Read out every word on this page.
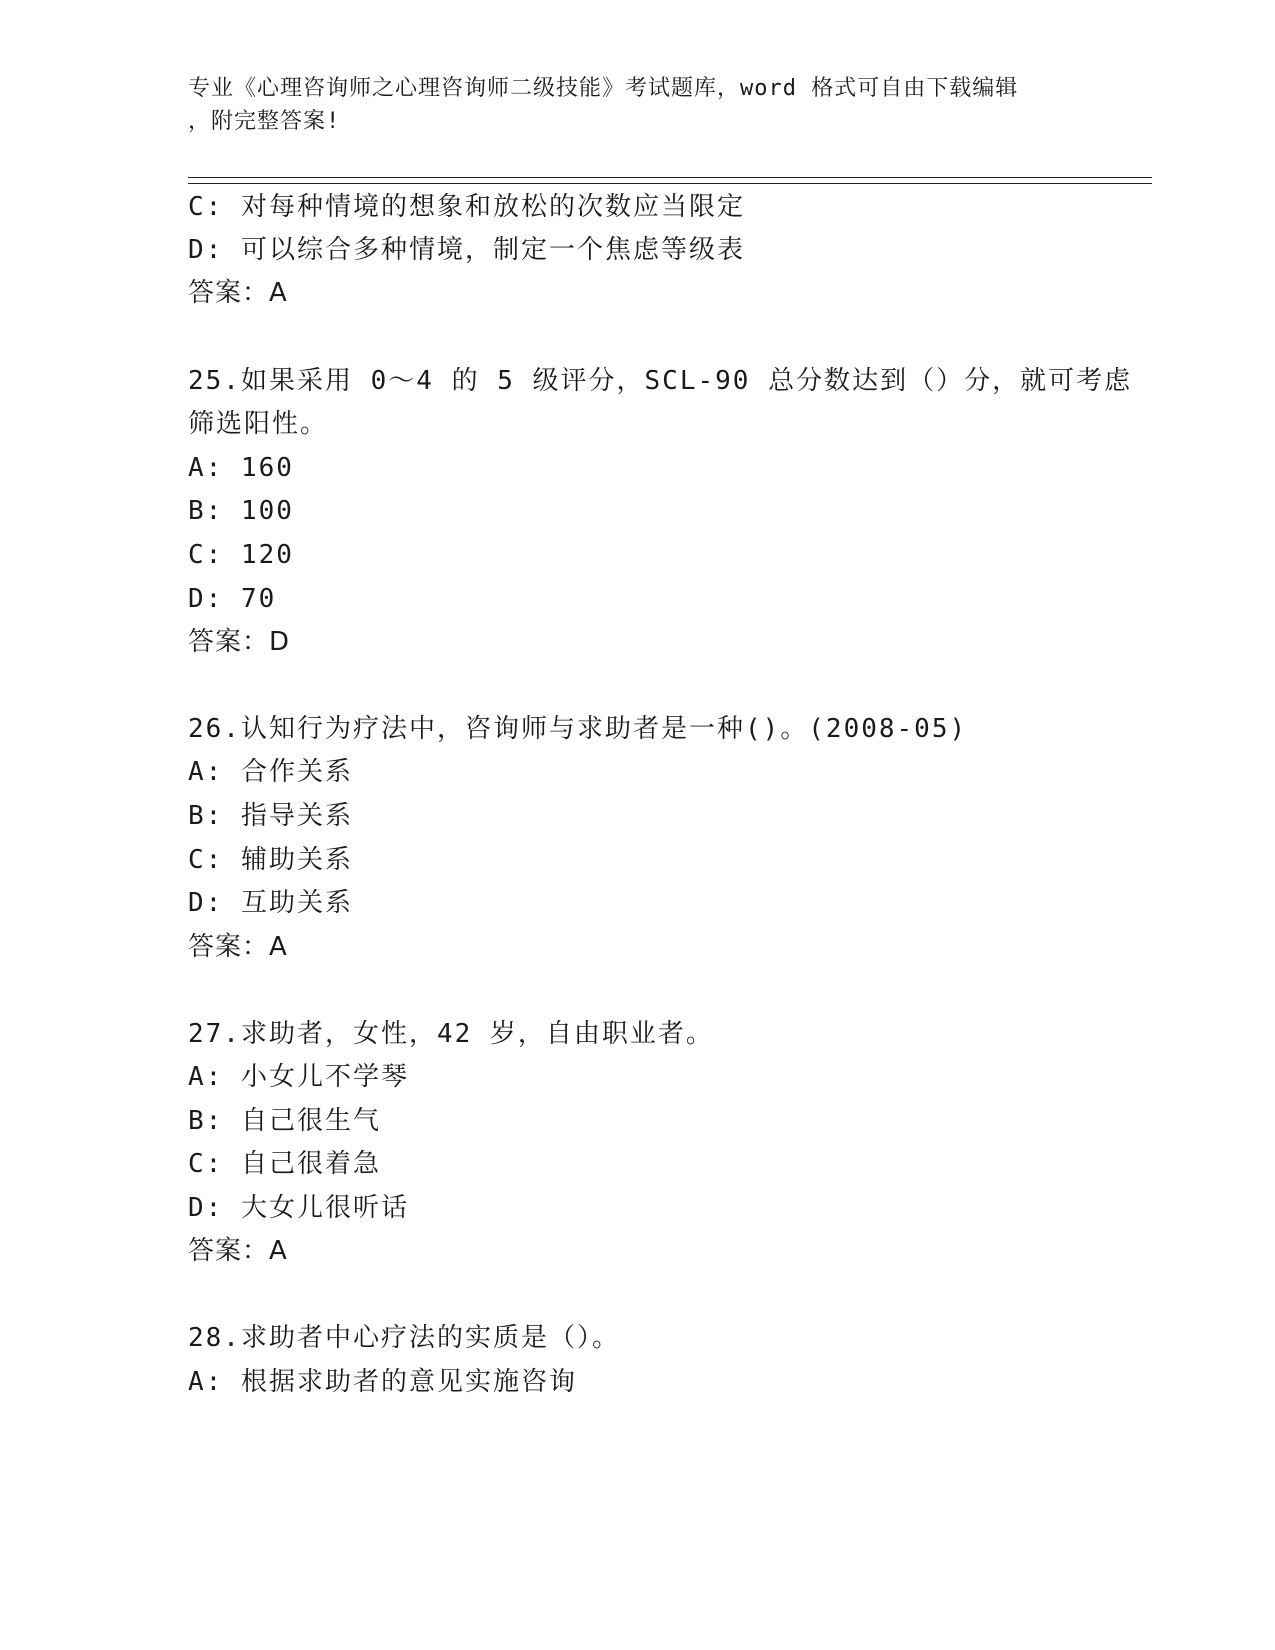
专业《心理咨询师之心理咨询师二级技能》考试题库，word 格式可自由下载编辑
，附完整答案!
C: 对每种情境的想象和放松的次数应当限定
D: 可以综合多种情境，制定一个焦虑等级表
答案：A
25.如果采用 0～4 的 5 级评分，SCL-90 总分数达到（）分，就可考虑
筛选阳性。
A: 160
B: 100
C: 120
D: 70
答案：D
26.认知行为疗法中，咨询师与求助者是一种()。(2008-05)
A: 合作关系
B: 指导关系
C: 辅助关系
D: 互助关系
答案：A
27.求助者，女性，42 岁，自由职业者。
A: 小女儿不学琴
B: 自己很生气
C: 自己很着急
D: 大女儿很听话
答案：A
28.求助者中心疗法的实质是（）。
A: 根据求助者的意见实施咨询
